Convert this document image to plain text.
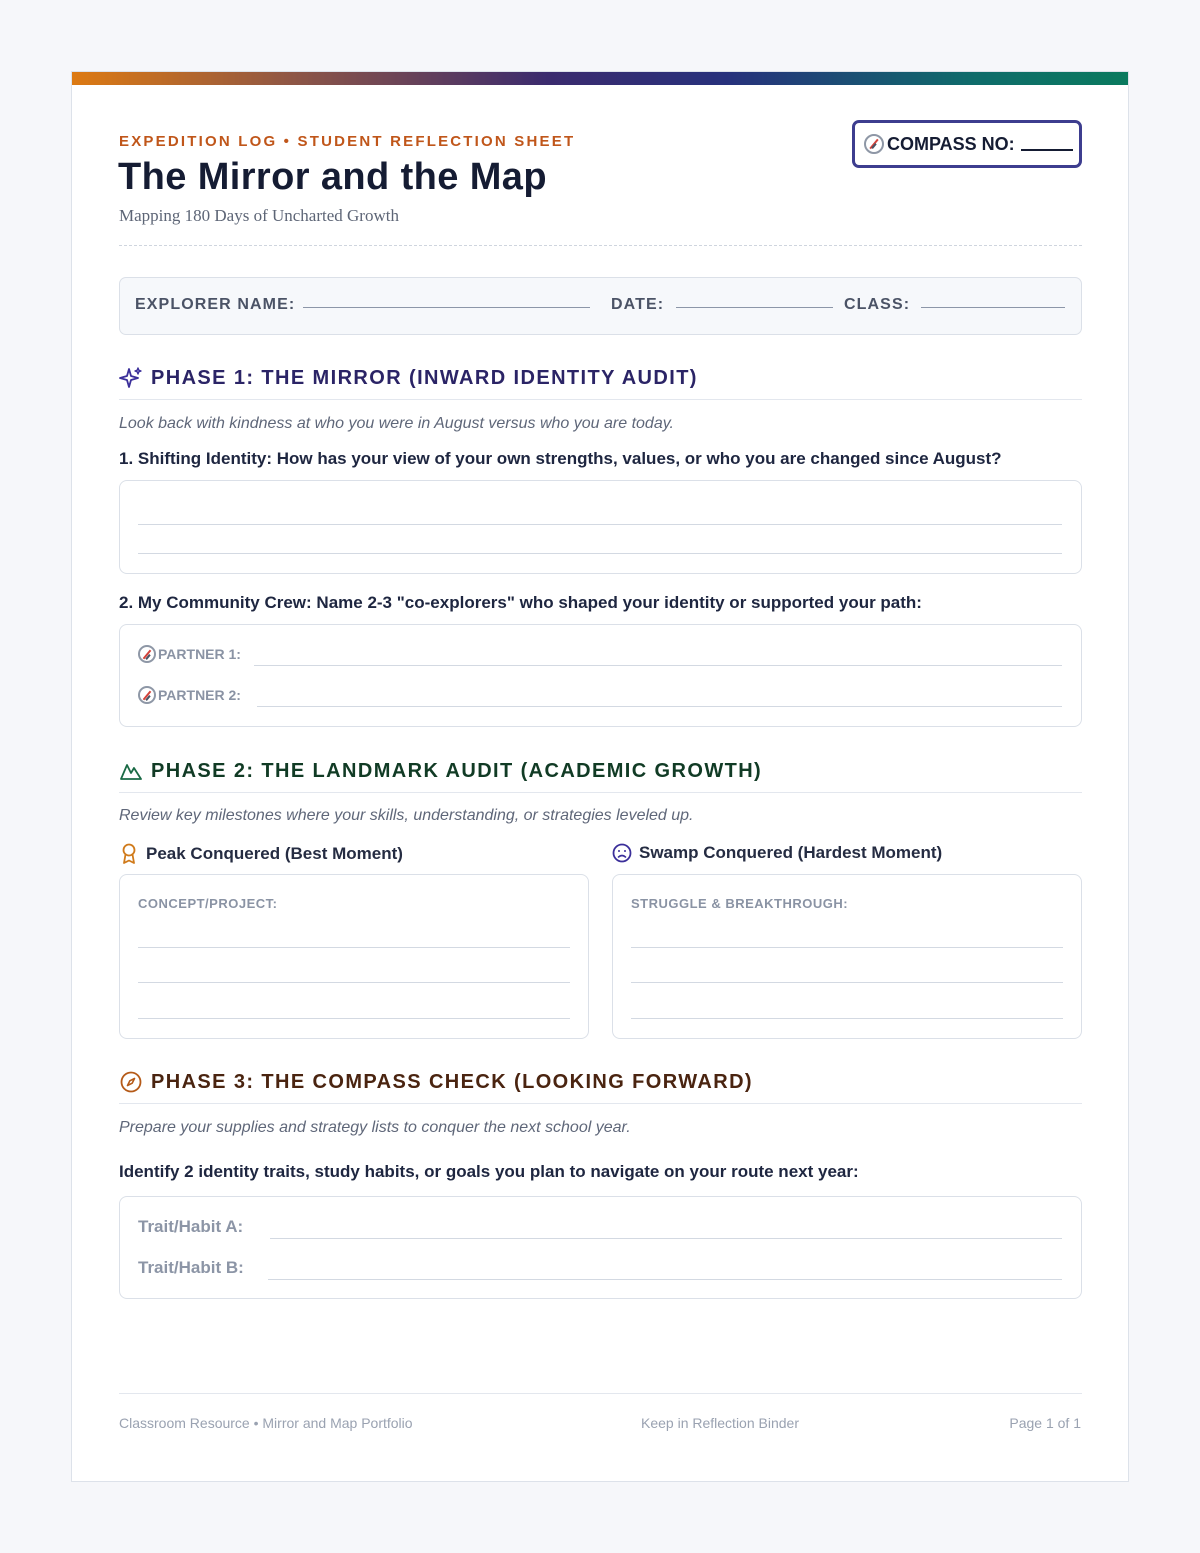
EXPEDITION LOG • STUDENT REFLECTION SHEET
The Mirror and the Map
Mapping 180 Days of Uncharted Growth
COMPASS NO:
EXPLORER NAME:	DATE:	CLASS:
PHASE 1: THE MIRROR (INWARD IDENTITY AUDIT)
Look back with kindness at who you were in August versus who you are today.
1. Shifting Identity: How has your view of your own strengths, values, or who you are changed since August?
2. My Community Crew: Name 2-3 "co-explorers" who shaped your identity or supported your path:
PARTNER 1:
PARTNER 2:
PHASE 2: THE LANDMARK AUDIT (ACADEMIC GROWTH)
Review key milestones where your skills, understanding, or strategies leveled up.
Peak Conquered (Best Moment)	Swamp Conquered (Hardest Moment)
CONCEPT/PROJECT:	STRUGGLE & BREAKTHROUGH:
PHASE 3: THE COMPASS CHECK (LOOKING FORWARD)
Prepare your supplies and strategy lists to conquer the next school year.
Identify 2 identity traits, study habits, or goals you plan to navigate on your route next year:
Trait/Habit A:
Trait/Habit B:
Classroom Resource • Mirror and Map Portfolio	Keep in Reflection Binder	Page 1 of 1
